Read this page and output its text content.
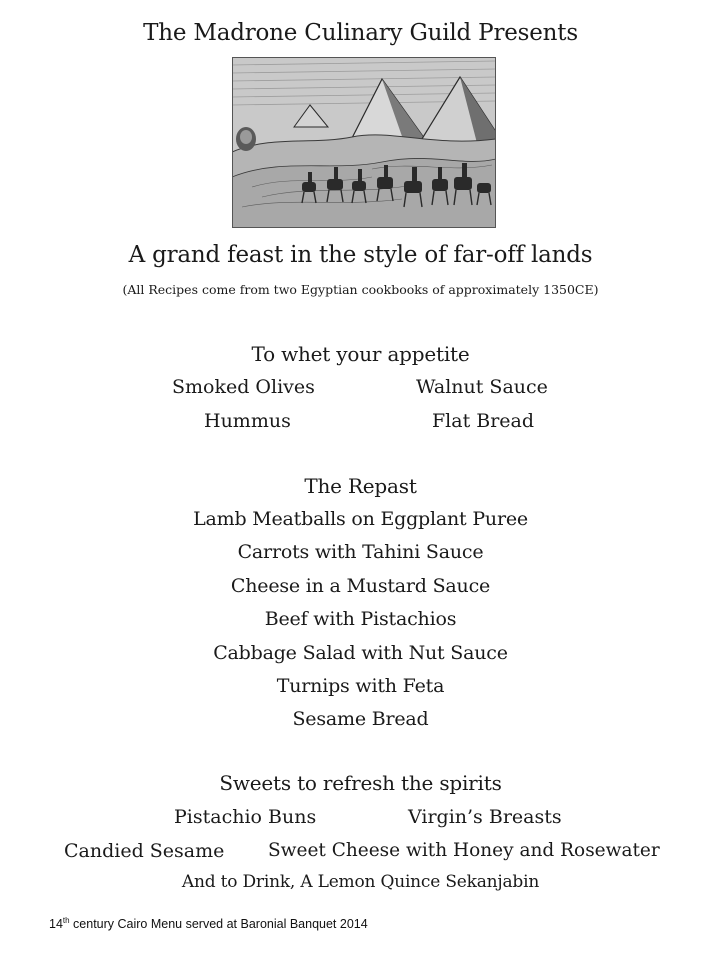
The Madrone Culinary Guild Presents
A grand feast in the style of far-off lands
(All Recipes come from two Egyptian cookbooks of approximately 1350CE)
To whet your appetite
Smoked Olives	Walnut Sauce
Hummus	Flat Bread
The Repast
Lamb Meatballs on Eggplant Puree
Carrots with Tahini Sauce
Cheese in a Mustard Sauce
Beef with Pistachios
Cabbage Salad with Nut Sauce
Turnips with Feta
Sesame Bread
Sweets to refresh the spirits
Pistachio Buns	Virgin’s Breasts
Candied Sesame Sweet Cheese with Honey and Rosewater
And to Drink, A Lemon Quince Sekanjabin
14th century Cairo Menu served at Baronial Banquet 2014
